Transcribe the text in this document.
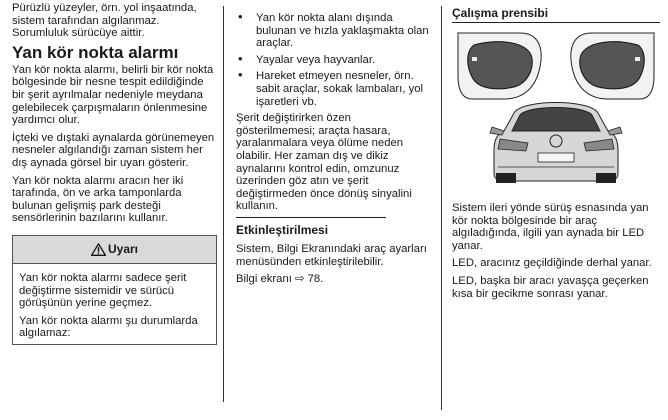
Pürüzlü yüzeyler, örn. yol inşaatında, sistem tarafından algılanmaz. Sorumluluk sürücüye aittir.

Yan kör nokta alarmı

Yan kör nokta alarmı, belirli bir kör nokta bölgesinde bir nesne tespit edildiğinde bir şerit ayrılmalar nedeniyle meydana gelebilecek çarpışmaların önlenmesine yardımcı olur.

İçteki ve dıştaki aynalarda görünemeyen nesneler algılandığı zaman sistem her dış aynada görsel bir uyarı gösterir.

Yan kör nokta alarmı aracın her iki tarafında, ön ve arka tamponlarda bulunan gelişmiş park desteği sensörlerinin bazılarını kullanır.

Uyarı

Yan kör nokta alarmı sadece şerit değiştirme sistemidir ve sürücü görüşünün yerine geçmez.

Yan kör nokta alarmı şu durumlarda algılamaz:

• Yan kör nokta alanı dışında bulunan ve hızla yaklaşmakta olan araçlar.
• Yayalar veya hayvanlar.
• Hareket etmeyen nesneler, örn. sabit araçlar, sokak lambaları, yol işaretleri vb.

Şerit değiştirirken özen gösterilmemesi; araçta hasara, yaralanmalara veya ölüme neden olabilir. Her zaman dış ve dikiz aynalarını kontrol edin, omzunuz üzerinden göz atın ve şerit değiştirmeden önce dönüş sinyalini kullanın.

Etkinleştirilmesi

Sistem, Bilgi Ekranındaki araç ayarları menüsünden etkinleştirilebilir.

Bilgi ekranı ⇨ 78.

Çalışma prensibi

Sistem ileri yönde sürüş esnasında yan kör nokta bölgesinde bir araç algıladığında, ilgili yan aynada bir LED yanar.

LED, aracınız geçildiğinde derhal yanar.

LED, başka bir aracı yavaşça geçerken kısa bir gecikme sonrası yanar.
